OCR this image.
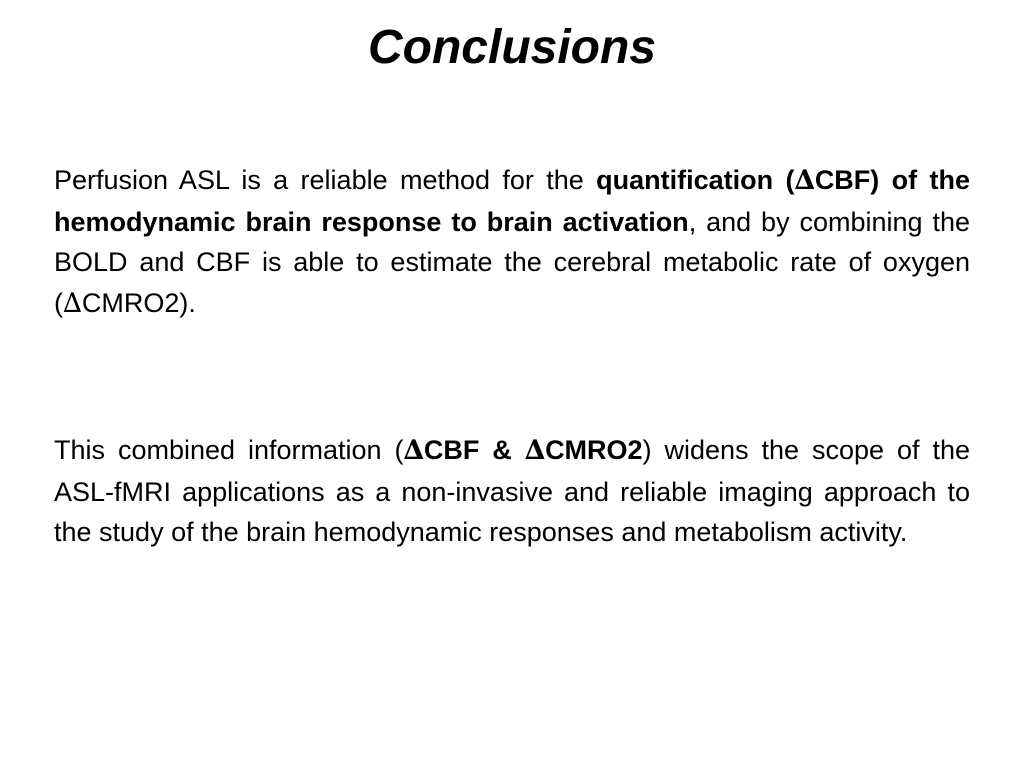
Conclusions

Perfusion ASL is a reliable method for the quantification (∆CBF) of the hemodynamic brain response to brain activation, and by combining the BOLD and CBF is able to estimate the cerebral metabolic rate of oxygen (∆CMRO2).

This combined information (∆CBF & ∆CMRO2) widens the scope of the ASL-fMRI applications as a non-invasive and reliable imaging approach to the study of the brain hemodynamic responses and metabolism activity.
